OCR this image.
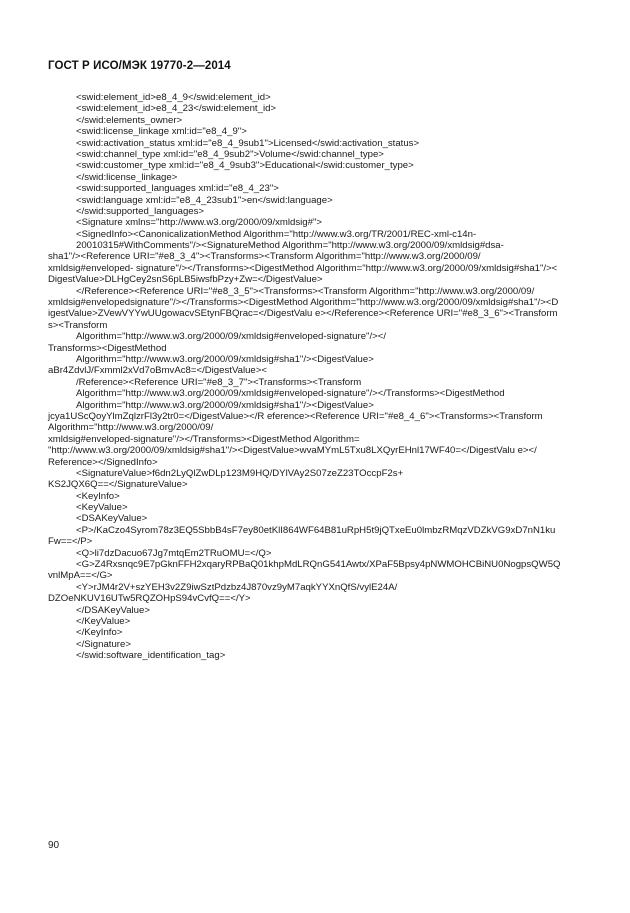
ГОСТ Р ИСО/МЭК 19770-2—2014
<swid:element_id>e8_4_9</swid:element_id>
<swid:element_id>e8_4_23</swid:element_id>
</swid:elements_owner>
<swid:license_linkage xml:id="e8_4_9">
<swid:activation_status xml:id="e8_4_9sub1">Licensed</swid:activation_status>
<swid:channel_type xml:id="e8_4_9sub2">Volume</swid:channel_type>
<swid:customer_type xml:id="e8_4_9sub3">Educational</swid:customer_type>
</swid:license_linkage>
<swid:supported_languages xml:id="e8_4_23">
<swid:language xml:id="e8_4_23sub1">en</swid:language>
</swid:supported_languages>
<Signature xmlns="http://www.w3.org/2000/09/xmldsig#">
<SignedInfo><CanonicalizationMethod Algorithm="http://www.w3.org/TR/2001/REC-xml-c14n-
20010315#WithComments"/><SignatureMethod Algorithm="http://www.w3.org/2000/09/xmldsig#dsa-
sha1"/><Reference URI="#e8_3_4"><Transforms><Transform Algorithm="http://www.w3.org/2000/09/
xmldsig#enveloped- signature"/></Transforms><DigestMethod Algorithm="http://www.w3.org/2000/09/xmldsig#sha1"/><
DigestValue>DLHgCey2snS6pLB5iwsfbPzy+Zw=</DigestValue>
</Reference><Reference URI="#e8_3_5"><Transforms><Transform Algorithm="http://www.w3.org/2000/09/
xmldsig#envelopedsignature"/></Transforms><DigestMethod Algorithm="http://www.w3.org/2000/09/xmldsig#sha1"/><D
igestValue>ZVewVYYwUUgowacvSEtynFBQrac=</DigestValu e></Reference><Reference URI="#e8_3_6"><Transform
s><Transform
Algorithm="http://www.w3.org/2000/09/xmldsig#enveloped-signature"/></
Transforms><DigestMethod
Algorithm="http://www.w3.org/2000/09/xmldsig#sha1"/><DigestValue>
aBr4ZdvlJ/Fxmml2xVd7oBmvAc8=</DigestValue><
/Reference><Reference URI="#e8_3_7"><Transforms><Transform
Algorithm="http://www.w3.org/2000/09/xmldsig#enveloped-signature"/></Transforms><DigestMethod
Algorithm="http://www.w3.org/2000/09/xmldsig#sha1"/><DigestValue>
jcya1UScQoyYlmZqlzrFl3y2tr0=</DigestValue></R eference><Reference URI="#e8_4_6"><Transforms><Transform
Algorithm="http://www.w3.org/2000/09/
xmldsig#enveloped-signature"/></Transforms><DigestMethod Algorithm=
"http://www.w3.org/2000/09/xmldsig#sha1"/><DigestValue>wvaMYmL5Txu8LXQyrEHnl17WF40=</DigestValu e></
Reference></SignedInfo>
<SignatureValue>f6dn2LyQlZwDLp123M9HQ/DYlVAy2S07zeZ23TOccpF2s+
KS2JQX6Q==</SignatureValue>
<KeyInfo>
<KeyValue>
<DSAKeyValue>
<P>/KaCzo4Syrom78z3EQ5SbbB4sF7ey80etKlI864WF64B81uRpH5t9jQTxeEu0lmbzRMqzVDZkVG9xD7nN1ku
Fw==</P>
<Q>li7dzDacuo67Jg7mtqEm2TRuOMU=</Q>
<G>Z4Rxsnqc9E7pGknFFH2xqaryRPBaQ01khpMdLRQnG541Awtx/XPaF5Bpsy4pNWMOHCBiNU0NogpsQW5Q
vnlMpA==</G>
<Y>rJM4r2V+szYEH3v2Z9iwSztPdzbz4J870vz9yM7aqkYYXnQfS/vylE24A/
DZOeNKUV16UTw5RQZOHpS94vCvfQ==</Y>
</DSAKeyValue>
</KeyValue>
</KeyInfo>
</Signature>
</swid:software_identification_tag>
90
